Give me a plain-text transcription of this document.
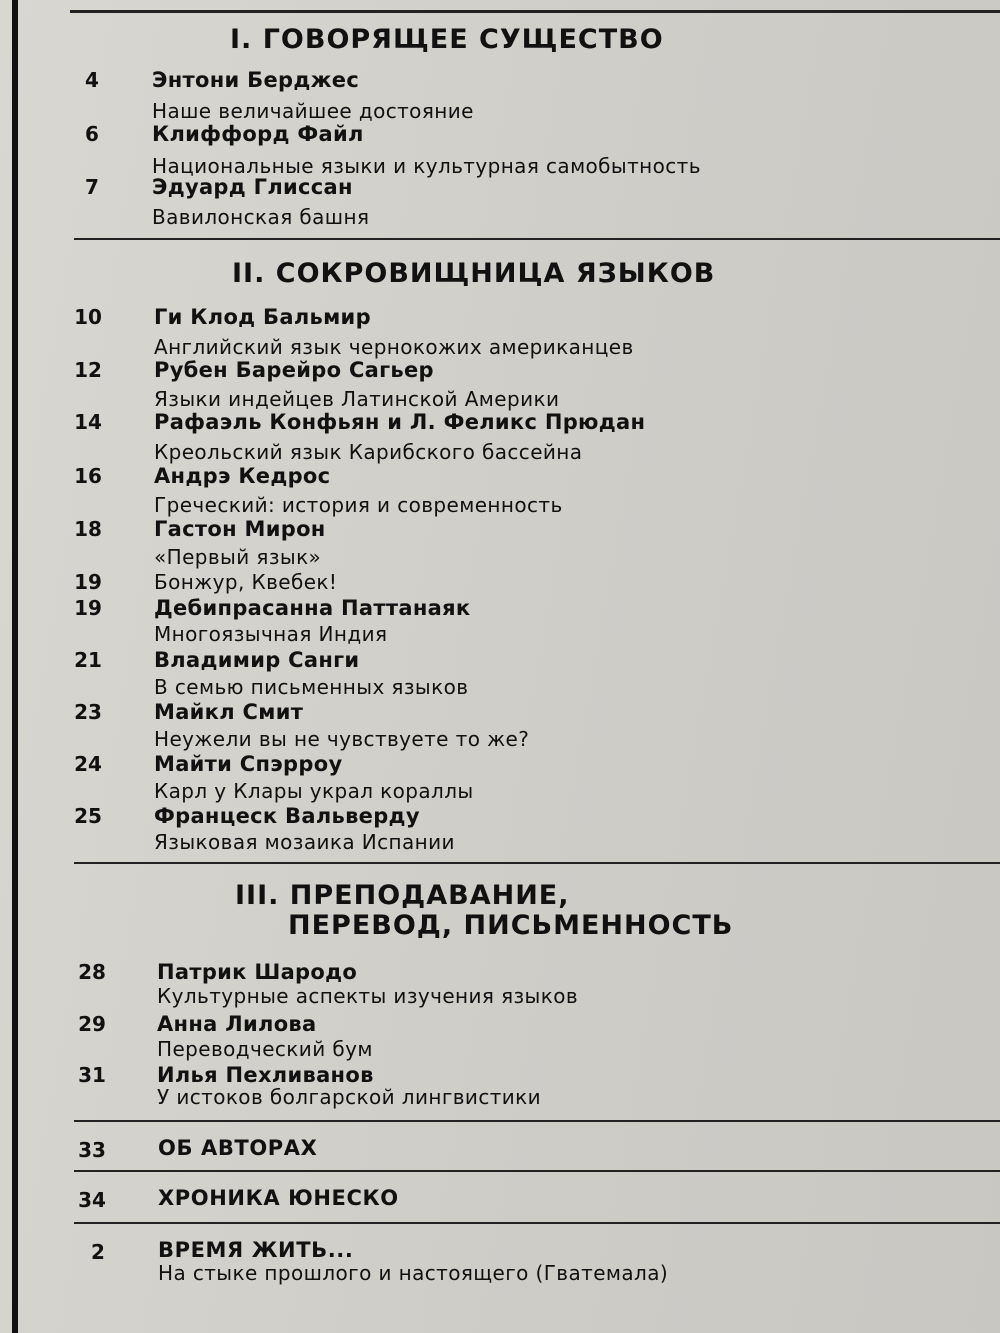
I. ГОВОРЯЩЕЕ СУЩЕСТВО
4	Энтони Берджес
Наше величайшее достояние
6	Клиффорд Файл
Национальные языки и культурная самобытность
7	Эдуард Глиссан
Вавилонская башня
II. СОКРОВИЩНИЦА ЯЗЫКОВ
10 Ги Клод Бальмир
Английский язык чернокожих американцев
12 Рубен Барейро Сагьер
Языки индейцев Латинской Америки
14 Рафаэль Конфьян и Л. Феликс Прюдан
Креольский язык Карибского бассейна
16 Андрэ Кедрос
Греческий: история и современность
18 Гастон Мирон
«Первый язык»
19	Бонжур, Квебек!
19 Дебипрасанна Паттанаяк
Многоязычная Индия
21 Владимир Санги
В семью письменных языков
23 Майкл Смит
Неужели вы не чувствуете то же?
24 Майти Спэрроу
Карл у Клары украл кораллы
25 Францеск Вальверду
Языковая мозаика Испании
III. ПРЕПОДАВАНИЕ,
ПЕРЕВОД, ПИСЬМЕННОСТЬ
28 Патрик Шародо
Культурные аспекты изучения языков
29 Анна Лилова
Переводческий бум
31 Илья Пехливанов
У истоков болгарской лингвистики
33 ОБ АВТОРАХ
34 ХРОНИКА ЮНЕСКО
2	ВРЕМЯ ЖИТЬ...
На стыке прошлого и настоящего (Гватемала)
